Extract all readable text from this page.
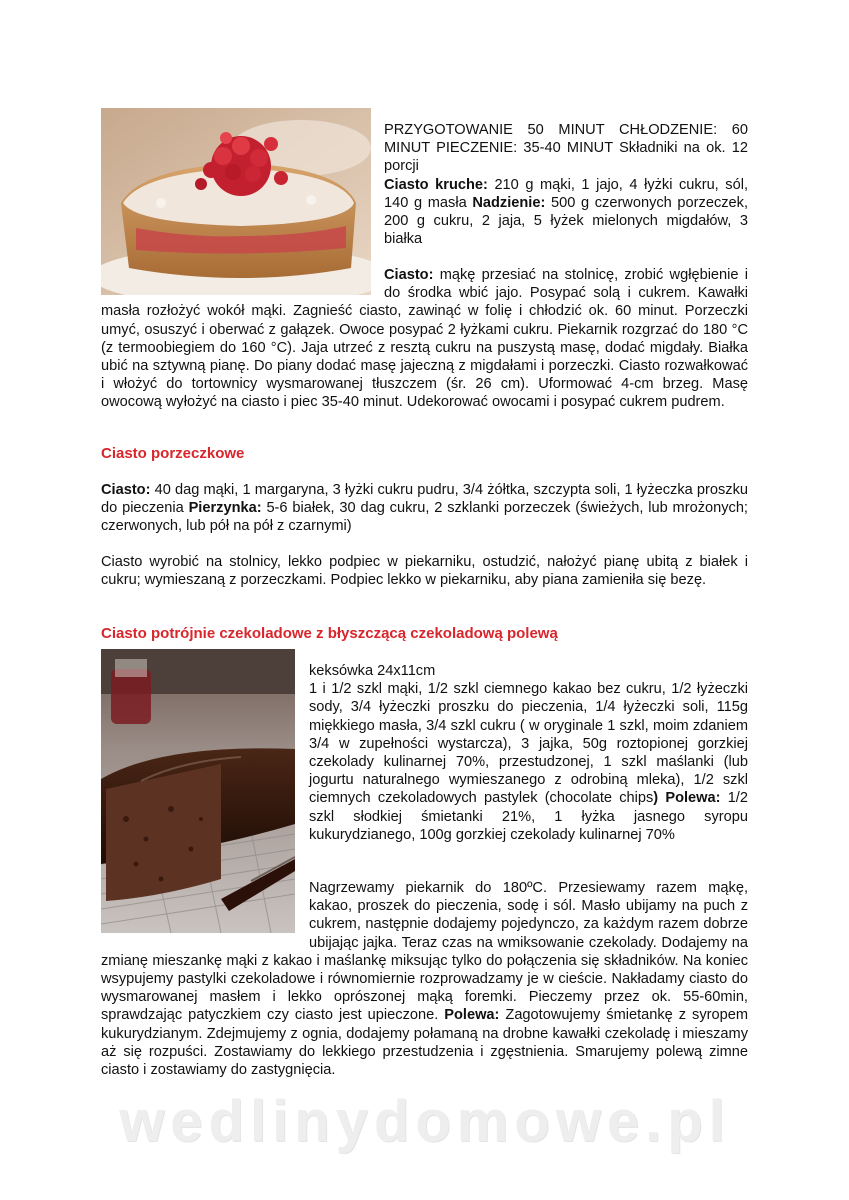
PRZYGOTOWANIE 50 MINUT CHŁODZENIE: 60 MINUT PIECZENIE: 35-40 MINUT Składniki na ok. 12 porcji
Ciasto kruche: 210 g mąki, 1 jajo, 4 łyżki cukru, sól, 140 g masła Nadzienie: 500 g czerwonych porzeczek, 200 g cukru, 2 jaja, 5 łyżek mielonych migdałów, 3 białka
Ciasto: mąkę przesiać na stolnicę, zrobić wgłębienie i do środka wbić jajo. Posypać solą i cukrem. Kawałki masła rozłożyć wokół mąki. Zagnieść ciasto, zawinąć w folię i chłodzić ok. 60 minut. Porzeczki umyć, osuszyć i oberwać z gałązek. Owoce posypać 2 łyżkami cukru. Piekarnik rozgrzać do 180 °C (z termoobiegiem do 160 °C). Jaja utrzeć z resztą cukru na puszystą masę, dodać migdały. Białka ubić na sztywną pianę. Do piany dodać masę jajeczną z migdałami i porzeczki. Ciasto rozwałkować i włożyć do tortownicy wysmarowanej tłuszczem (śr. 26 cm). Uformować 4-cm brzeg. Masę owocową wyłożyć na ciasto i piec 35-40 minut. Udekorować owocami i posypać cukrem pudrem.
Ciasto porzeczkowe
Ciasto: 40 dag mąki, 1 margaryna, 3 łyżki cukru pudru, 3/4 żółtka, szczypta soli, 1 łyżeczka proszku do pieczenia Pierzynka: 5-6 białek, 30 dag cukru, 2 szklanki porzeczek (świeżych, lub mrożonych; czerwonych, lub pół na pół z czarnymi)
Ciasto wyrobić na stolnicy, lekko podpiec w piekarniku, ostudzić, nałożyć pianę ubitą z białek i cukru; wymieszaną z porzeczkami. Podpiec lekko w piekarniku, aby piana zamieniła się bezę.
Ciasto potrójnie czekoladowe z błyszczącą czekoladową polewą
keksówka 24x11cm
1 i 1/2 szkl mąki, 1/2 szkl ciemnego kakao bez cukru, 1/2 łyżeczki sody, 3/4 łyżeczki proszku do pieczenia, 1/4 łyżeczki soli, 115g miękkiego masła, 3/4 szkl cukru ( w oryginale 1 szkl, moim zdaniem 3/4 w zupełności wystarcza), 3 jajka, 50g roztopionej gorzkiej czekolady kulinarnej 70%, przestudzonej, 1 szkl maślanki (lub jogurtu naturalnego wymieszanego z odrobiną mleka), 1/2 szkl ciemnych czekoladowych pastylek (chocolate chips) Polewa: 1/2 szkl słodkiej śmietanki 21%, 1 łyżka jasnego syropu kukurydzianego, 100g gorzkiej czekolady kulinarnej 70%
Nagrzewamy piekarnik do 180ºC. Przesiewamy razem mąkę, kakao, proszek do pieczenia, sodę i sól. Masło ubijamy na puch z cukrem, następnie dodajemy pojedynczo, za każdym razem dobrze ubijając jajka. Teraz czas na wmiksowanie czekolady. Dodajemy na zmianę mieszankę mąki z kakao i maślankę miksując tylko do połączenia się składników. Na koniec wsypujemy pastylki czekoladowe i równomiernie rozprowadzamy je w cieście. Nakładamy ciasto do wysmarowanej masłem i lekko oprószonej mąką foremki. Pieczemy przez ok. 55-60min, sprawdzając patyczkiem czy ciasto jest upieczone. Polewa: Zagotowujemy śmietankę z syropem kukurydzianym. Zdejmujemy z ognia, dodajemy połamaną na drobne kawałki czekoladę i mieszamy aż się rozpuści. Zostawiamy do lekkiego przestudzenia i zgęstnienia. Smarujemy polewą zimne ciasto i zostawiamy do zastygnięcia.
wedlinydomowe.pl
